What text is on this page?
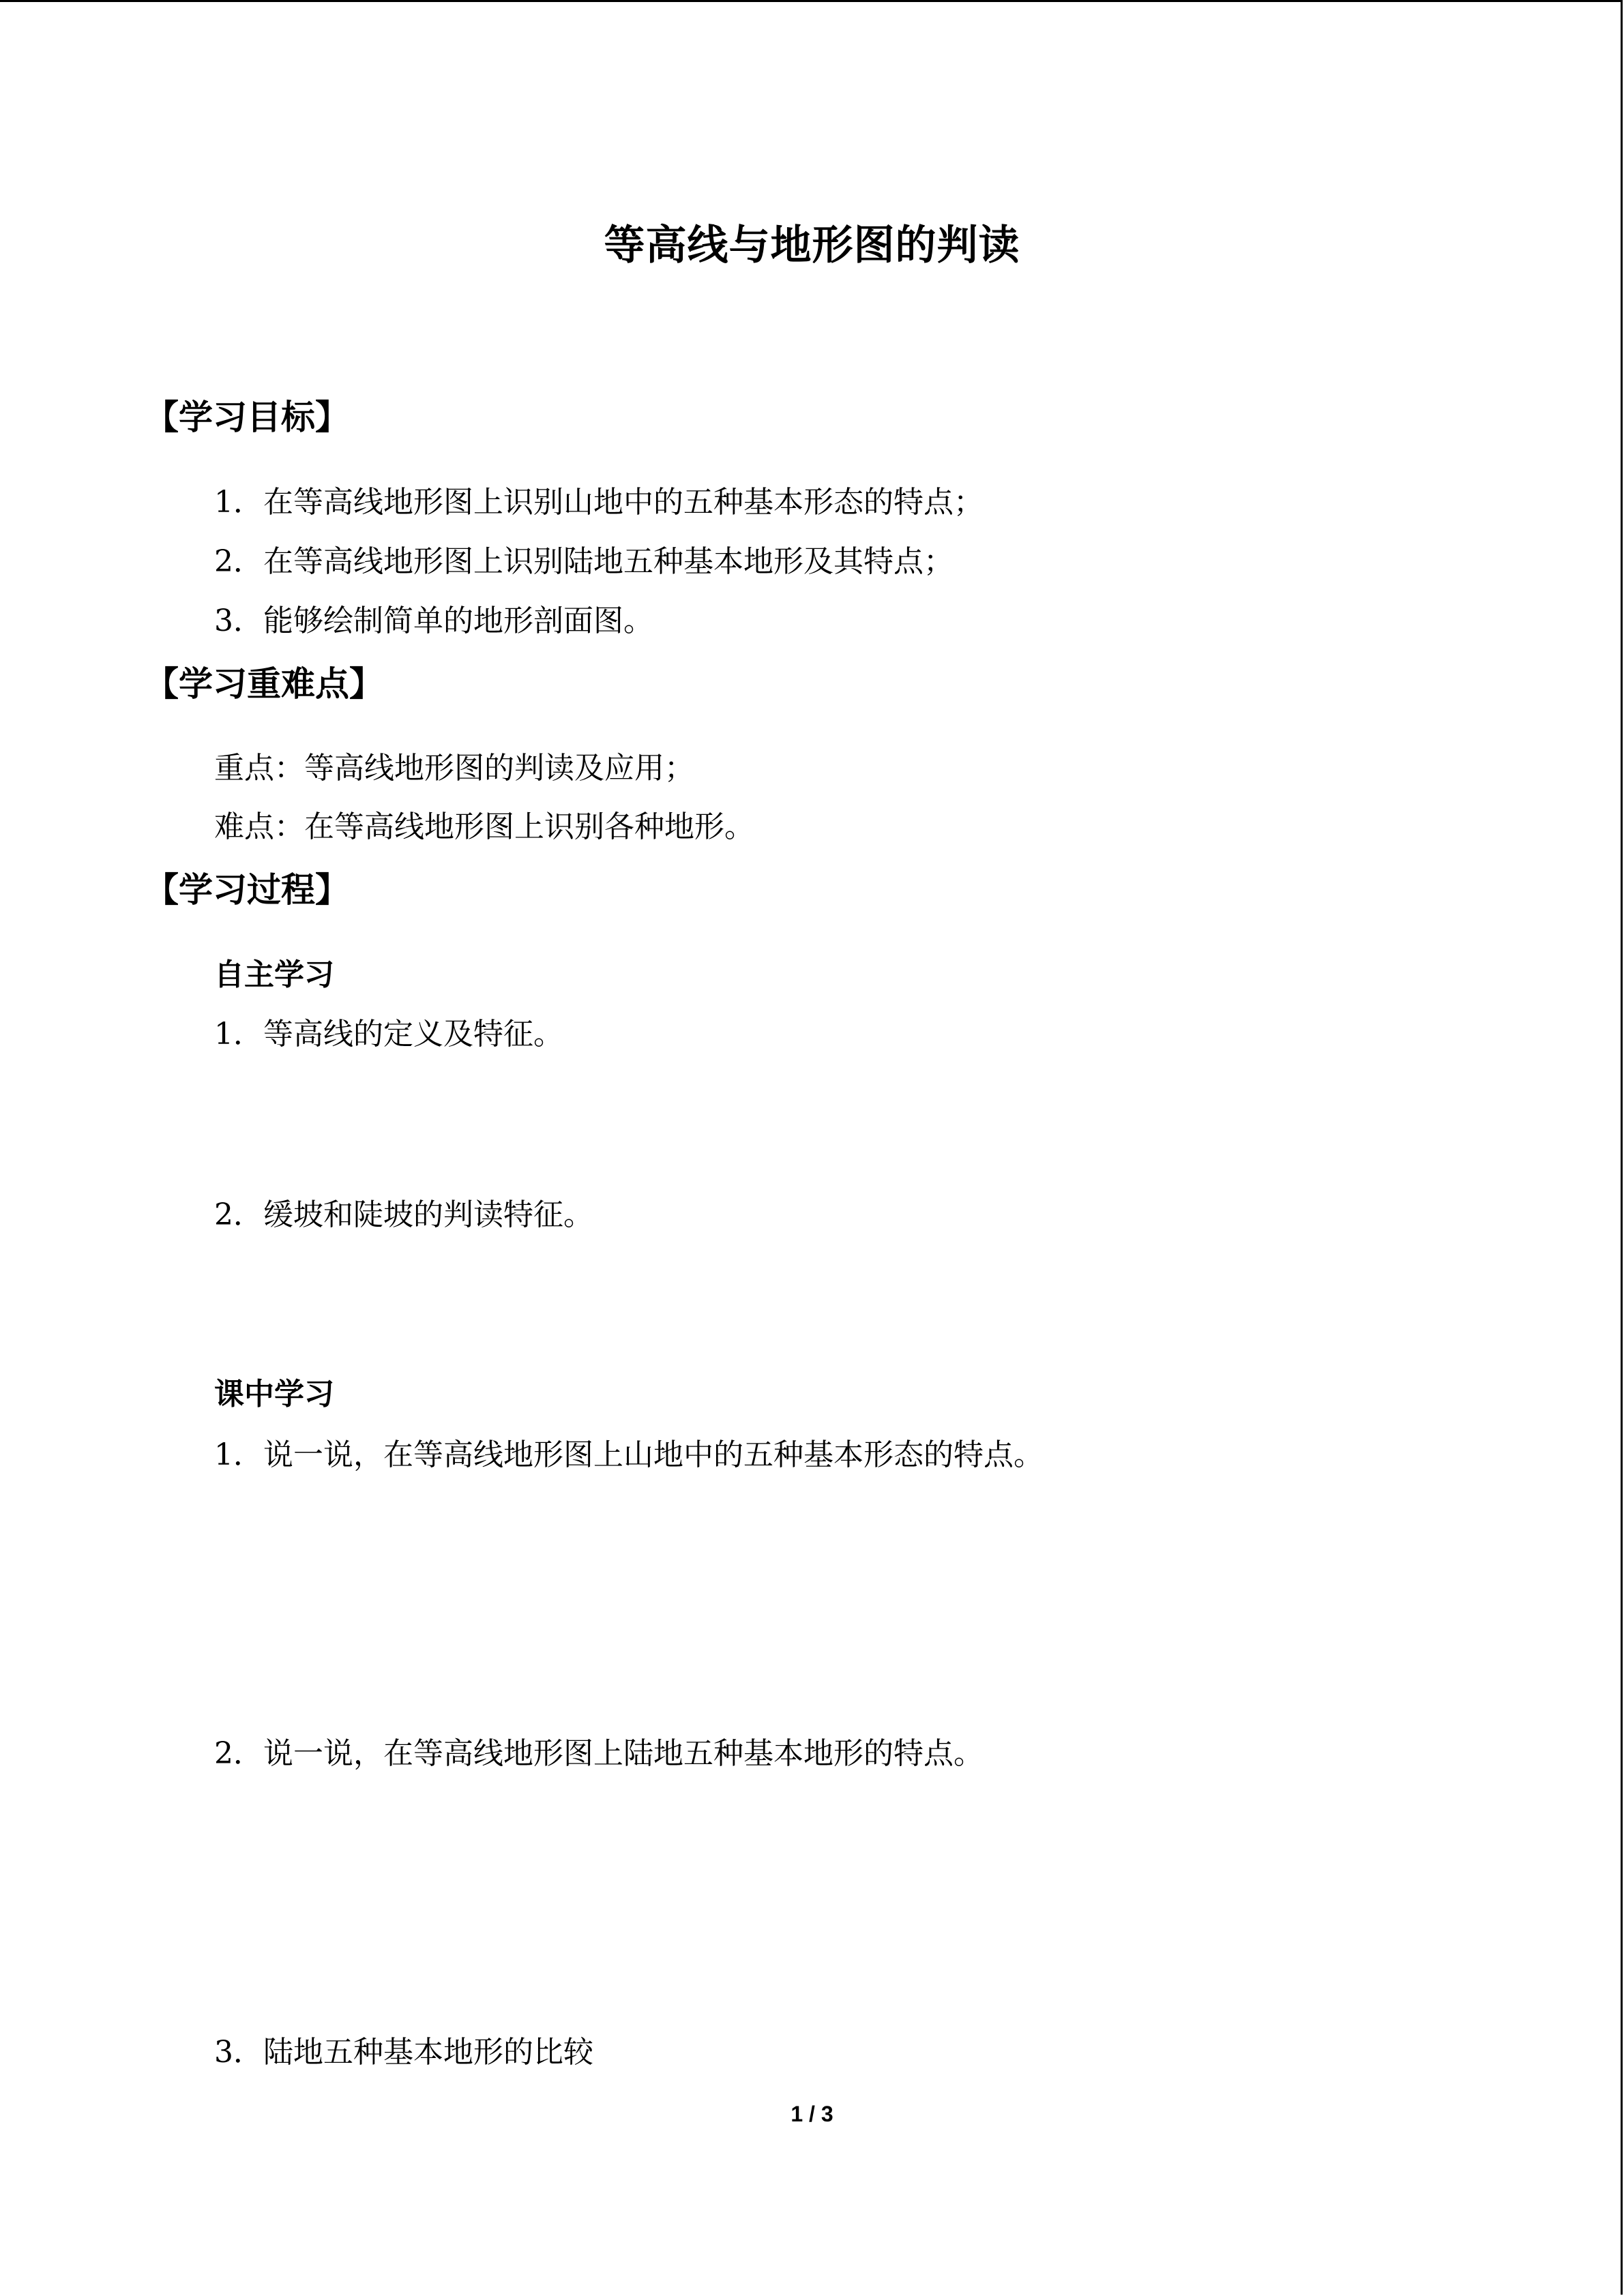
等高线与地形图的判读
【学习目标】
1．在等高线地形图上识别山地中的五种基本形态的特点；
2．在等高线地形图上识别陆地五种基本地形及其特点；
3．能够绘制简单的地形剖面图。
【学习重难点】
重点：等高线地形图的判读及应用；
难点：在等高线地形图上识别各种地形。
【学习过程】
自主学习
1．等高线的定义及特征。
2．缓坡和陡坡的判读特征。
课中学习
1．说一说，在等高线地形图上山地中的五种基本形态的特点。
2．说一说，在等高线地形图上陆地五种基本地形的特点。
3．陆地五种基本地形的比较
1 / 3
